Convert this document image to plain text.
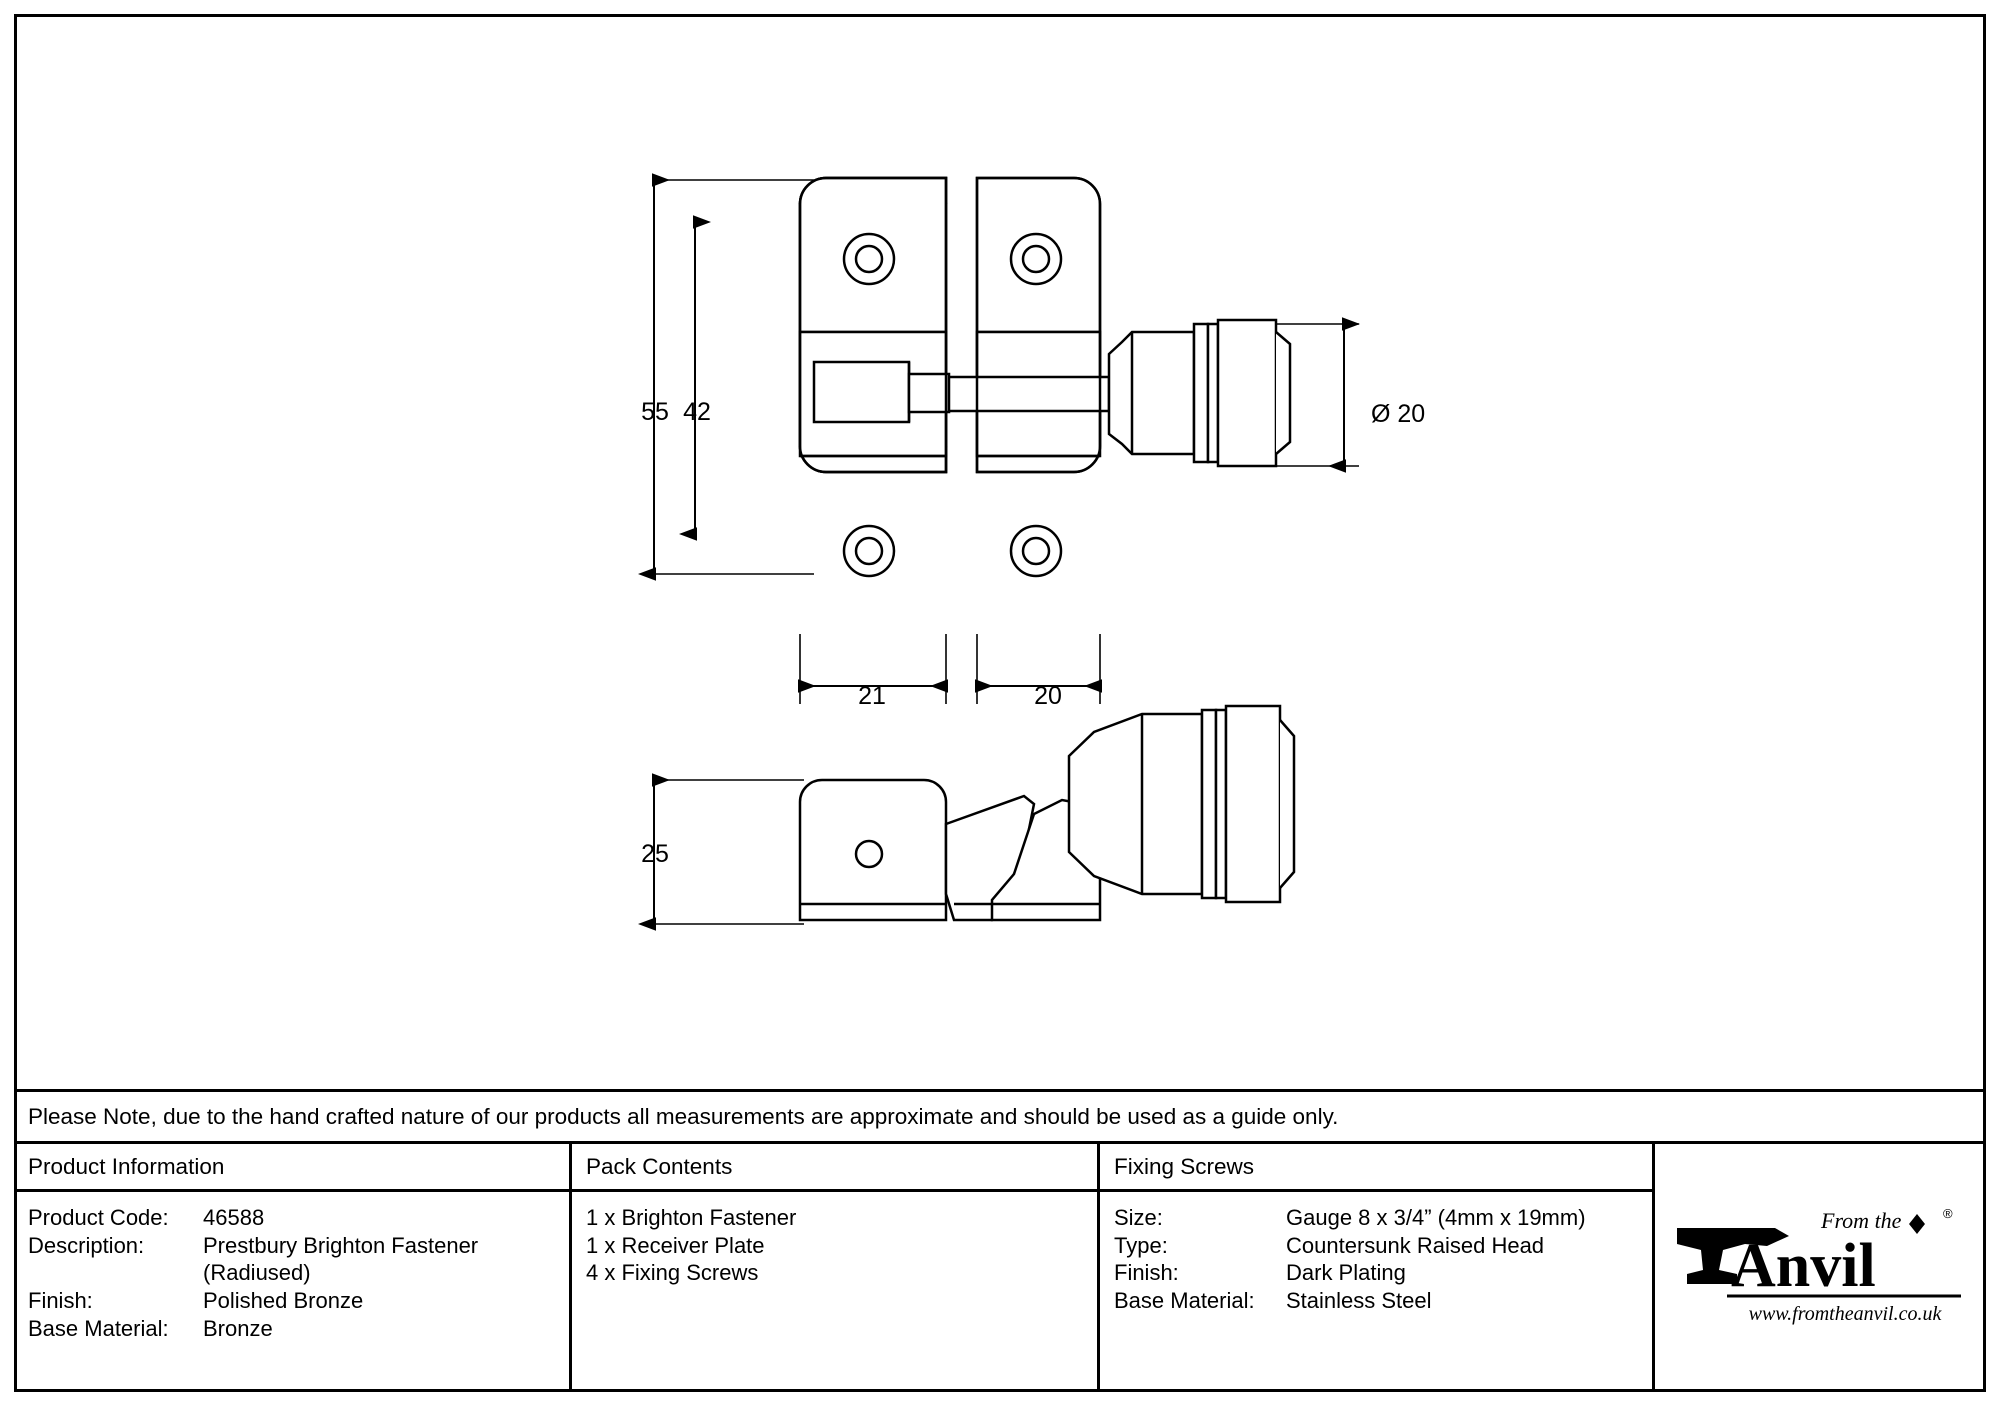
55 42	Ø 20
21	20
25
Please Note, due to the hand crafted nature of our products all measurements are approximate and should be used as a guide only.
Product Information
Product Code:	46588
Description:	Prestbury Brighton Fastener
(Radiused)
Finish:	Polished Bronze
Base Material:	Bronze
Pack Contents
1 x Brighton Fastener
1 x Receiver Plate
4 x Fixing Screws
Fixing Screws
Size:	Gauge 8 x 3/4” (4mm x 19mm)
Type:	Countersunk Raised Head
Finish:	Dark Plating
Base Material:	Stainless Steel
From the	®
Anvil
www.fromtheanvil.co.uk
